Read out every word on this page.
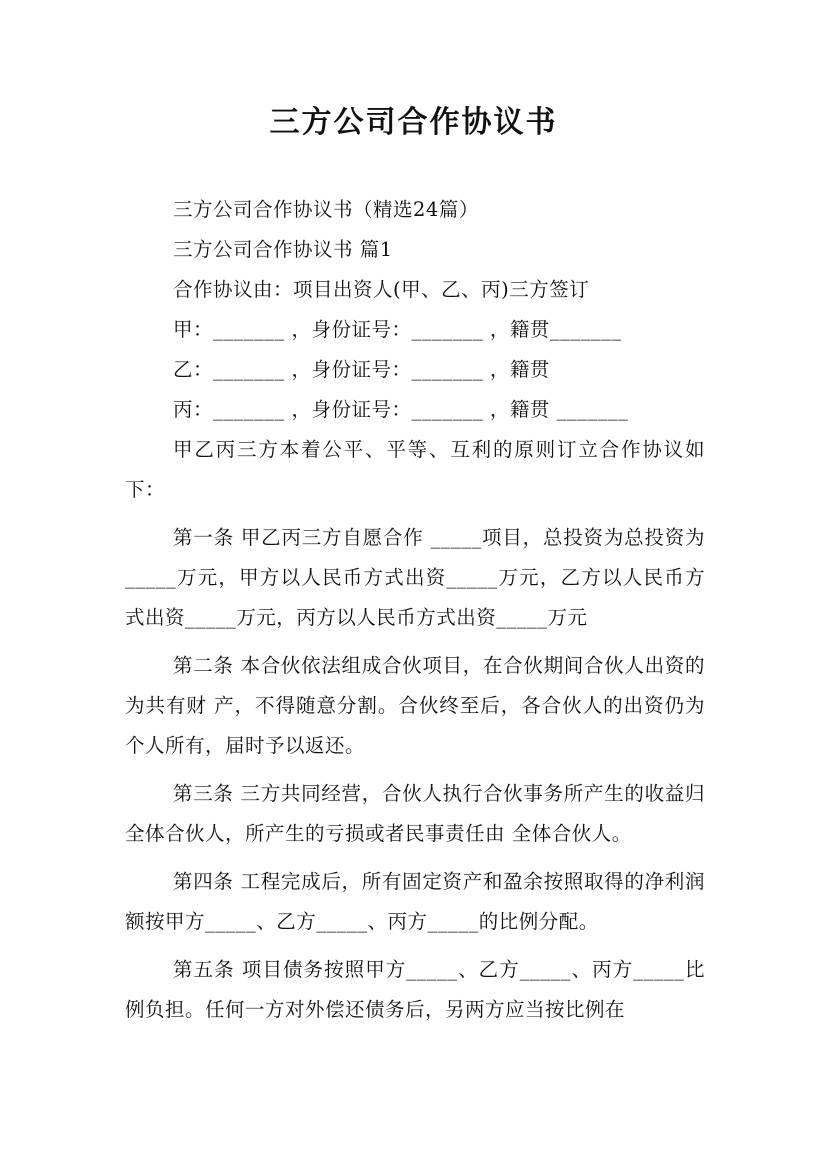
三方公司合作协议书

三方公司合作协议书（精选24篇）

三方公司合作协议书 篇1

合作协议由：项目出资人(甲、乙、丙)三方签订

甲：_______ ，身份证号：_______ ，籍贯_______

乙：_______ ，身份证号：_______ ，籍贯

丙：_______ ，身份证号：_______ ，籍贯 _______

甲乙丙三方本着公平、平等、互利的原则订立合作协议如下：

第一条 甲乙丙三方自愿合作 _____项目，总投资为总投资为_____万元，甲方以人民币方式出资_____万元，乙方以人民币方式出资_____万元，丙方以人民币方式出资_____万元

第二条 本合伙依法组成合伙项目，在合伙期间合伙人出资的为共有财 产，不得随意分割。合伙终至后，各合伙人的出资仍为个人所有，届时予以返还。

第三条 三方共同经营，合伙人执行合伙事务所产生的收益归全体合伙人，所产生的亏损或者民事责任由 全体合伙人。

第四条 工程完成后，所有固定资产和盈余按照取得的净利润额按甲方_____、乙方_____、丙方_____的比例分配。

第五条 项目债务按照甲方_____、乙方_____、丙方_____比例负担。任何一方对外偿还债务后，另两方应当按比例在
